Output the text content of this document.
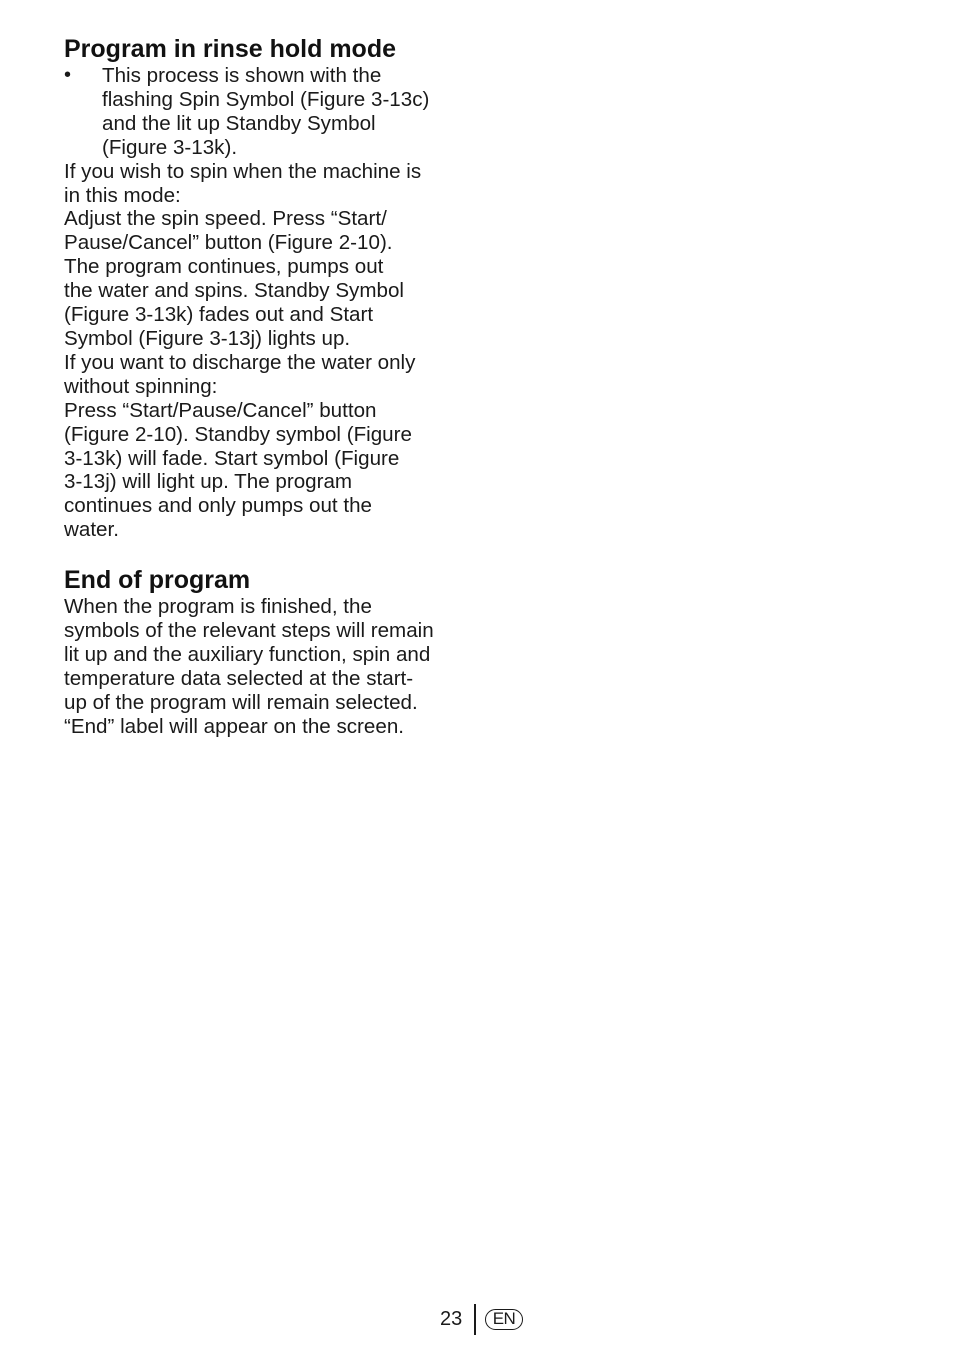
Program in rinse hold mode
• This process is shown with the
flashing Spin Symbol (Figure 3-13c)
and the lit up Standby Symbol
(Figure 3-13k).
If you wish to spin when the machine is
in this mode:
Adjust the spin speed. Press “Start/
Pause/Cancel” button (Figure 2-10).
The program continues, pumps out
the water and spins. Standby Symbol
(Figure 3-13k) fades out and Start
Symbol (Figure 3-13j) lights up.
If you want to discharge the water only
without spinning:
Press “Start/Pause/Cancel” button
(Figure 2-10). Standby symbol (Figure
3-13k) will fade. Start symbol (Figure
3-13j) will light up. The program
continues and only pumps out the
water.
End of program
When the program is finished, the
symbols of the relevant steps will remain
lit up and the auxiliary function, spin and
temperature data selected at the start-
up of the program will remain selected.
“End” label will appear on the screen.
23	EN
